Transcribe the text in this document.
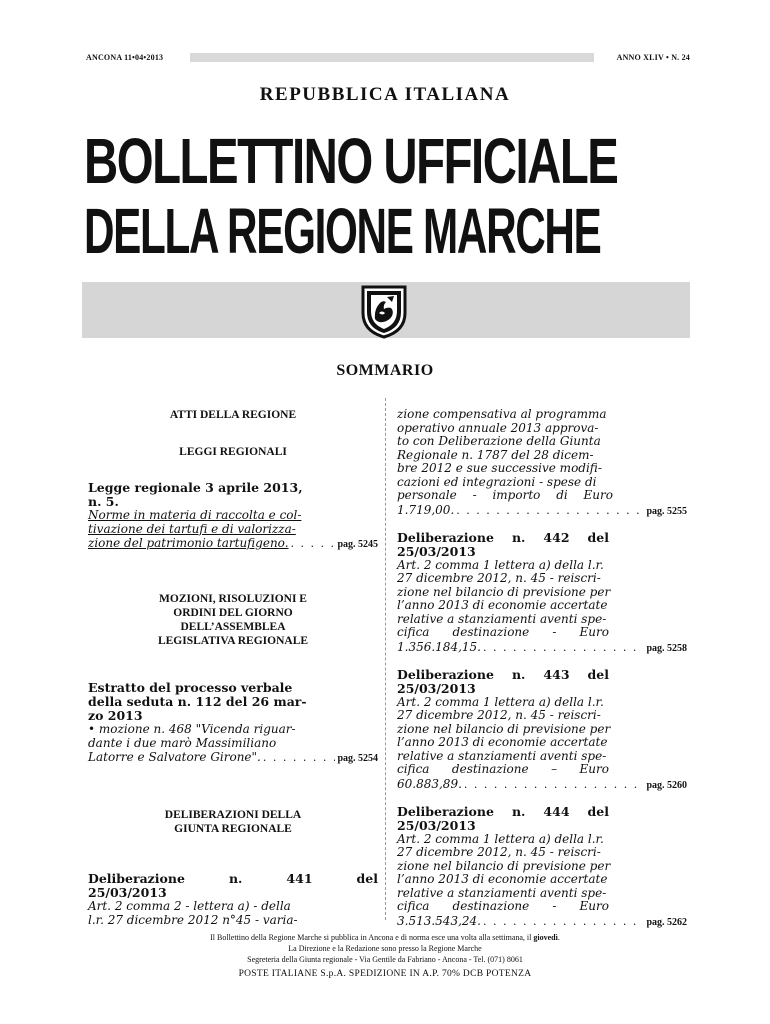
ANCONA 11•04•2013	ANNO XLIV • N. 24
REPUBBLICA ITALIANA
BOLLETTINO UFFICIALE
DELLA REGIONE MARCHE
SOMMARIO
ATTI DELLA REGIONE
LEGGI REGIONALI
Legge regionale 3 aprile 2013,
n. 5.
Norme in materia di raccolta e col-
tivazione dei tartufi e di valorizza-
zione del patrimonio tartufigeno. . . .	pag. 5245
MOZIONI, RISOLUZIONI E
ORDINI DEL GIORNO
DELL’ASSEMBLEA
LEGISLATIVA REGIONALE
Estratto del processo verbale
della seduta n. 112 del 26 mar-
zo 2013
• mozione n. 468 "Vicenda riguar-
dante i due marò Massimiliano
Latorre e Salvatore Girone". . . .	pag. 5254
DELIBERAZIONI DELLA
GIUNTA REGIONALE
Deliberazione	n.	441	del
25/03/2013
Art. 2 comma 2 - lettera a) - della
l.r. 27 dicembre 2012 n°45 - varia-
zione compensativa al programma
operativo annuale 2013 approva-
to con Deliberazione della Giunta
Regionale n. 1787 del 28 dicem-
bre 2012 e sue successive modifi-
cazioni ed integrazioni - spese di
personale - importo di Euro
1.719,00. . . .	pag. 5255
Deliberazione n. 442 del
25/03/2013
Art. 2 comma 1 lettera a) della l.r.
27 dicembre 2012, n. 45 - reiscri-
zione nel bilancio di previsione per
l’anno 2013 di economie accertate
relative a stanziamenti aventi spe-
cifica destinazione - Euro
1.356.184,15. . . .	pag. 5258
Deliberazione n. 443 del
25/03/2013
Art. 2 comma 1 lettera a) della l.r.
27 dicembre 2012, n. 45 - reiscri-
zione nel bilancio di previsione per
l’anno 2013 di economie accertate
relative a stanziamenti aventi spe-
cifica destinazione – Euro
60.883,89. . . .	pag. 5260
Deliberazione n. 444 del
25/03/2013
Art. 2 comma 1 lettera a) della l.r.
27 dicembre 2012, n. 45 - reiscri-
zione nel bilancio di previsione per
l’anno 2013 di economie accertate
relative a stanziamenti aventi spe-
cifica destinazione - Euro
3.513.543,24. . . .	pag. 5262
Il Bollettino della Regione Marche si pubblica in Ancona e di norma esce una volta alla settimana, il giovedì.
La Direzione e la Redazione sono presso la Regione Marche
Segreteria della Giunta regionale - Via Gentile da Fabriano - Ancona - Tel. (071) 8061
POSTE ITALIANE S.p.A. SPEDIZIONE IN A.P. 70% DCB POTENZA
